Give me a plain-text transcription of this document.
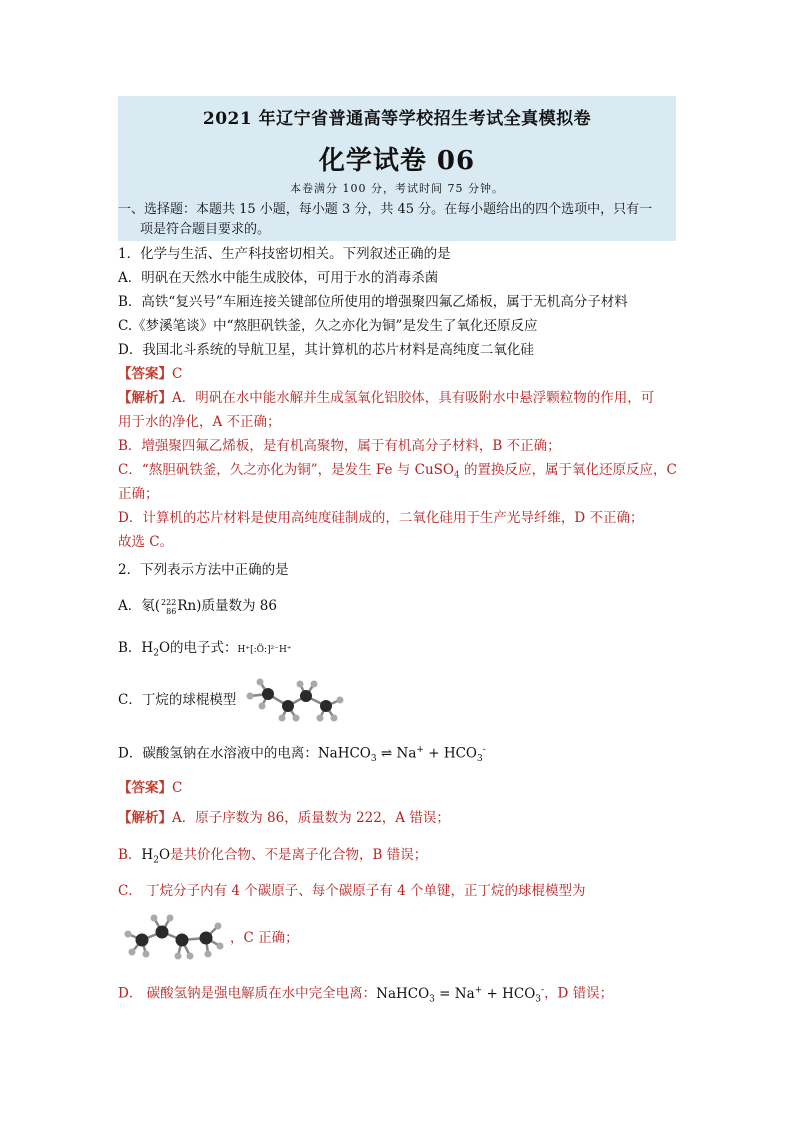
2021 年辽宁省普通高等学校招生考试全真模拟卷
化学试卷 06
本卷满分 100 分，考试时间 75 分钟。
一、选择题：本题共 15 小题，每小题 3 分，共 45 分。在每小题给出的四个选项中，只有一
项是符合题目要求的。
1．化学与生活、生产科技密切相关。下列叙述正确的是
A．明矾在天然水中能生成胶体，可用于水的消毒杀菌
B．高铁“复兴号”车厢连接关键部位所使用的增强聚四氟乙烯板，属于无机高分子材料
C.《梦溪笔谈》中“熬胆矾铁釜，久之亦化为铜”是发生了氧化还原反应
D．我国北斗系统的导航卫星，其计算机的芯片材料是高纯度二氧化硅
【答案】C
【解析】A．明矾在水中能水解并生成氢氧化铝胶体，具有吸附水中悬浮颗粒物的作用，可
用于水的净化，A 不正确；
B．增强聚四氟乙烯板，是有机高聚物，属于有机高分子材料，B 不正确；
C．“熬胆矾铁釜，久之亦化为铜”，是发生 Fe 与 CuSO$_4$ 的置换反应，属于氧化还原反应，C
正确；
D．计算机的芯片材料是使用高纯度硅制成的，二氧化硅用于生产光导纤维，D 不正确；
故选 C。
2．下列表示方法中正确的是
A．氡(222
86Rn)质量数为 86
B．$H_2O$的电子式：H⁺[:Ö:]²⁻H⁺
C．丁烷的球棍模型
D．碳酸氢钠在水溶液中的电离：NaHCO$_3$ ⇌ $Na^+ + HCO_3^-$
【答案】C
【解析】A．原子序数为 86，质量数为 222，A 错误；
B．$H_2O$是共价化合物、不是离子化合物，B 错误；
C． 丁烷分子内有 4 个碳原子、每个碳原子有 4 个单键，正丁烷的球棍模型为
，C 正确；
D． 碳酸氢钠是强电解质在水中完全电离：NaHCO$_3$ = $Na^+ + HCO_3^-$，D 错误；
